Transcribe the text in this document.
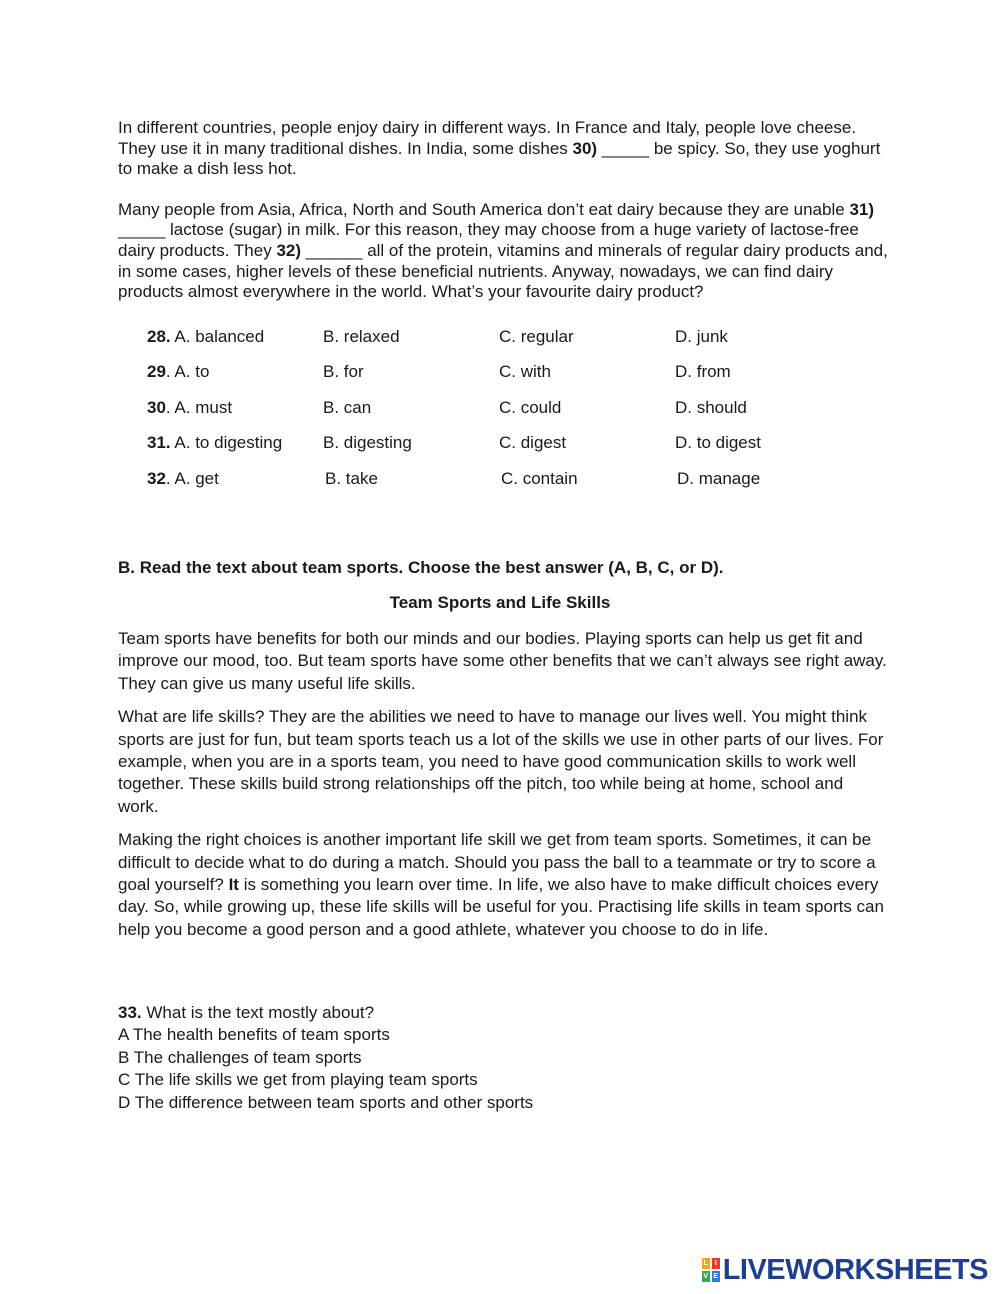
In different countries, people enjoy dairy in different ways. In France and Italy, people love cheese. They use it in many traditional dishes. In India, some dishes 30) _____ be spicy. So, they use yoghurt to make a dish less hot.

Many people from Asia, Africa, North and South America don’t eat dairy because they are unable 31) _____ lactose (sugar) in milk. For this reason, they may choose from a huge variety of lactose-free dairy products. They 32) ______ all of the protein, vitamins and minerals of regular dairy products and, in some cases, higher levels of these beneficial nutrients. Anyway, nowadays, we can find dairy products almost everywhere in the world. What’s your favourite dairy product?

28. A. balanced	B. relaxed	C. regular	D. junk
29. A. to	B. for	C. with	D. from
30. A. must	B. can	C. could	D. should
31. A. to digesting	B. digesting	C. digest	D. to digest
32. A. get	B. take	C. contain	D. manage

B. Read the text about team sports. Choose the best answer (A, B, C, or D).

Team Sports and Life Skills

Team sports have benefits for both our minds and our bodies. Playing sports can help us get fit and improve our mood, too. But team sports have some other benefits that we can’t always see right away. They can give us many useful life skills.

What are life skills? They are the abilities we need to have to manage our lives well. You might think sports are just for fun, but team sports teach us a lot of the skills we use in other parts of our lives. For example, when you are in a sports team, you need to have good communication skills to work well together. These skills build strong relationships off the pitch, too while being at home, school and work.

Making the right choices is another important life skill we get from team sports. Sometimes, it can be difficult to decide what to do during a match. Should you pass the ball to a teammate or try to score a goal yourself? It is something you learn over time. In life, we also have to make difficult choices every day. So, while growing up, these life skills will be useful for you. Practising life skills in team sports can help you become a good person and a good athlete, whatever you choose to do in life.

33. What is the text mostly about?
A The health benefits of team sports
B The challenges of team sports
C The life skills we get from playing team sports
D The difference between team sports and other sports
L I
V E LIVEWORKSHEETS
